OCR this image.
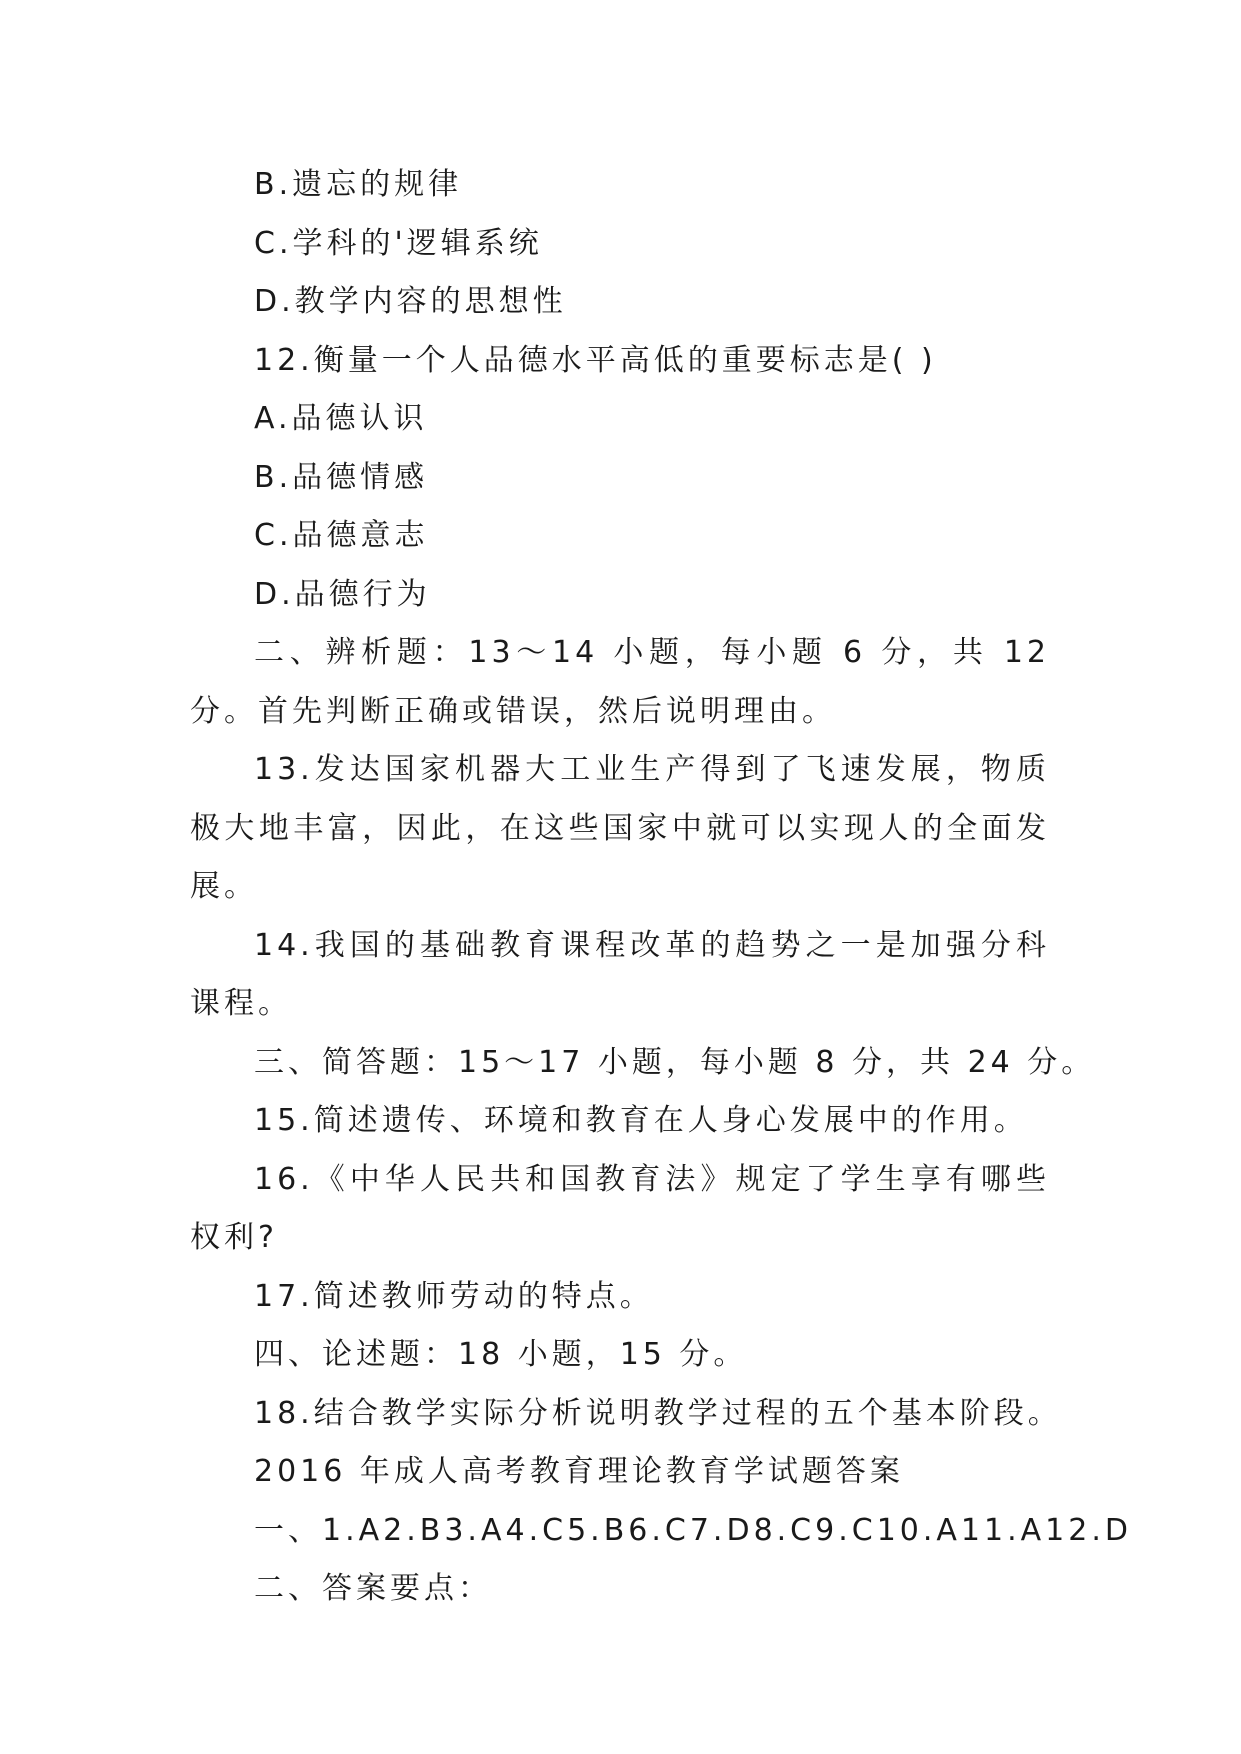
B.遗忘的规律
C.学科的'逻辑系统
D.教学内容的思想性
12.衡量一个人品德水平高低的重要标志是( )
A.品德认识
B.品德情感
C.品德意志
D.品德行为
二、辨析题：13～14 小题，每小题 6 分，共 12 分。首先判断正确或错误，然后说明理由。
13.发达国家机器大工业生产得到了飞速发展，物质极大地丰富，因此，在这些国家中就可以实现人的全面发展。
14.我国的基础教育课程改革的趋势之一是加强分科课程。
三、简答题：15～17 小题，每小题 8 分，共 24 分。
15.简述遗传、环境和教育在人身心发展中的作用。
16.《中华人民共和国教育法》规定了学生享有哪些权利?
17.简述教师劳动的特点。
四、论述题：18 小题，15 分。
18.结合教学实际分析说明教学过程的五个基本阶段。
2016 年成人高考教育理论教育学试题答案
一、1.A2.B3.A4.C5.B6.C7.D8.C9.C10.A11.A12.D
二、答案要点：
